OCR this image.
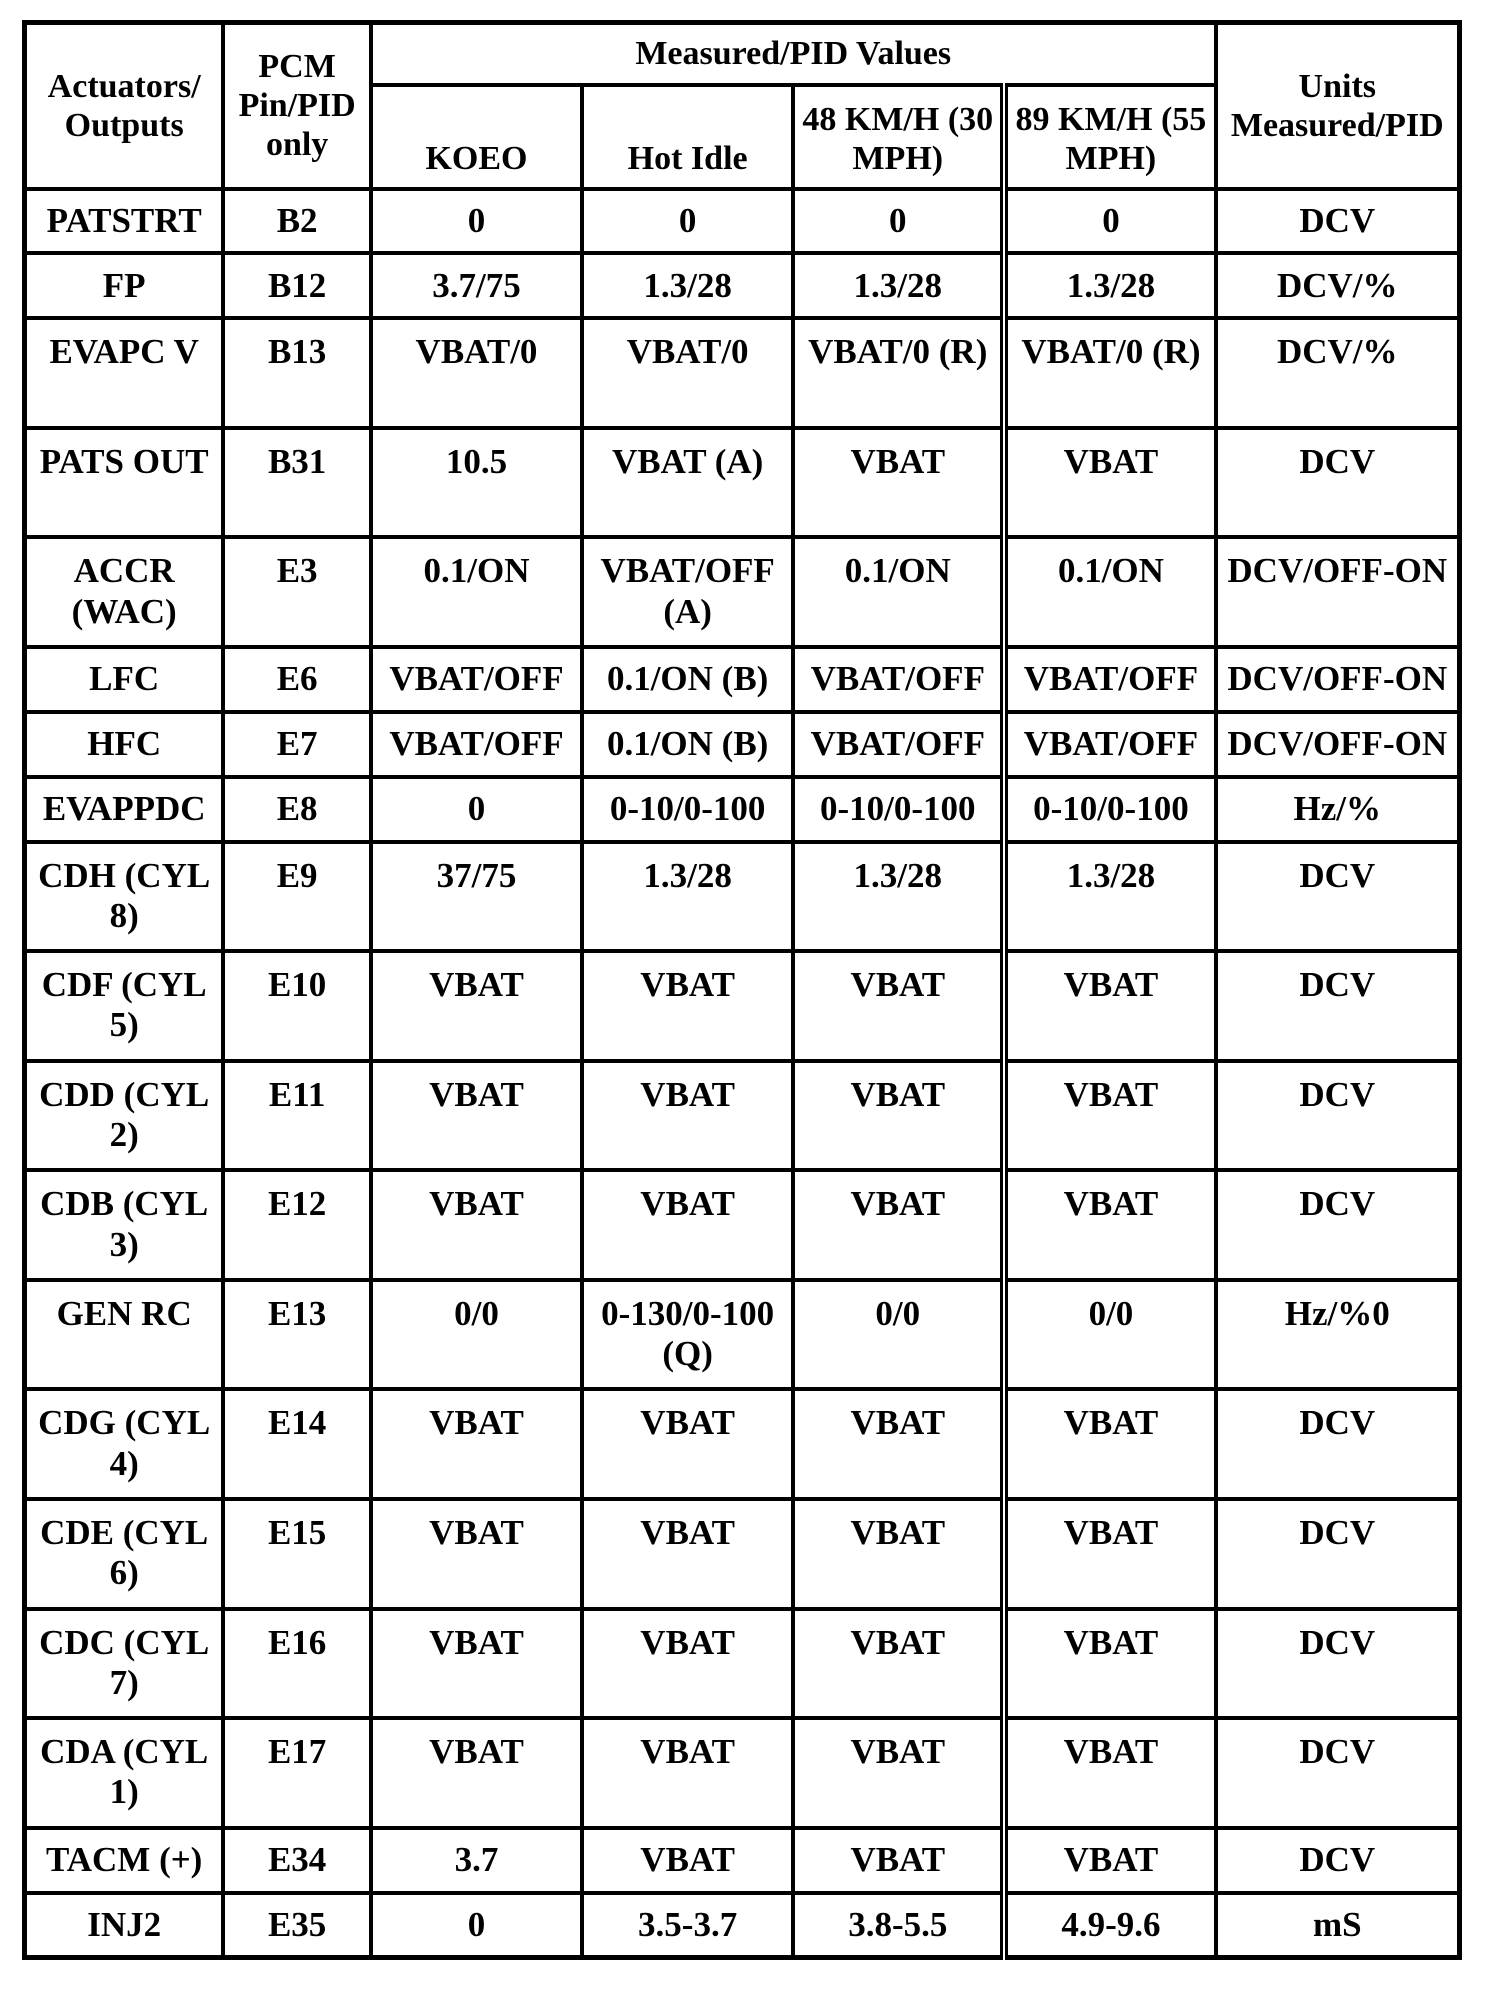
Actuators/ Outputs	PCM Pin/PID only	Measured/PID Values				Units Measured/PID
		KOEO	Hot Idle	48 KM/H (30 MPH)	89 KM/H (55 MPH)	
PATSTRT	B2	0	0	0	0	DCV
FP	B12	3.7/75	1.3/28	1.3/28	1.3/28	DCV/%
EVAPC V	B13	VBAT/0	VBAT/0	VBAT/0 (R)	VBAT/0 (R)	DCV/%
PATS OUT	B31	10.5	VBAT (A)	VBAT	VBAT	DCV
ACCR (WAC)	E3	0.1/ON	VBAT/OFF (A)	0.1/ON	0.1/ON	DCV/OFF-ON
LFC	E6	VBAT/OFF	0.1/ON (B)	VBAT/OFF	VBAT/OFF	DCV/OFF-ON
HFC	E7	VBAT/OFF	0.1/ON (B)	VBAT/OFF	VBAT/OFF	DCV/OFF-ON
EVAPPDC	E8	0	0-10/0-100	0-10/0-100	0-10/0-100	Hz/%
CDH (CYL 8)	E9	37/75	1.3/28	1.3/28	1.3/28	DCV
CDF (CYL 5)	E10	VBAT	VBAT	VBAT	VBAT	DCV
CDD (CYL 2)	E11	VBAT	VBAT	VBAT	VBAT	DCV
CDB (CYL 3)	E12	VBAT	VBAT	VBAT	VBAT	DCV
GEN RC	E13	0/0	0-130/0-100 (Q)	0/0	0/0	Hz/%0
CDG (CYL 4)	E14	VBAT	VBAT	VBAT	VBAT	DCV
CDE (CYL 6)	E15	VBAT	VBAT	VBAT	VBAT	DCV
CDC (CYL 7)	E16	VBAT	VBAT	VBAT	VBAT	DCV
CDA (CYL 1)	E17	VBAT	VBAT	VBAT	VBAT	DCV
TACM (+)	E34	3.7	VBAT	VBAT	VBAT	DCV
INJ2	E35	0	3.5-3.7	3.8-5.5	4.9-9.6	mS
